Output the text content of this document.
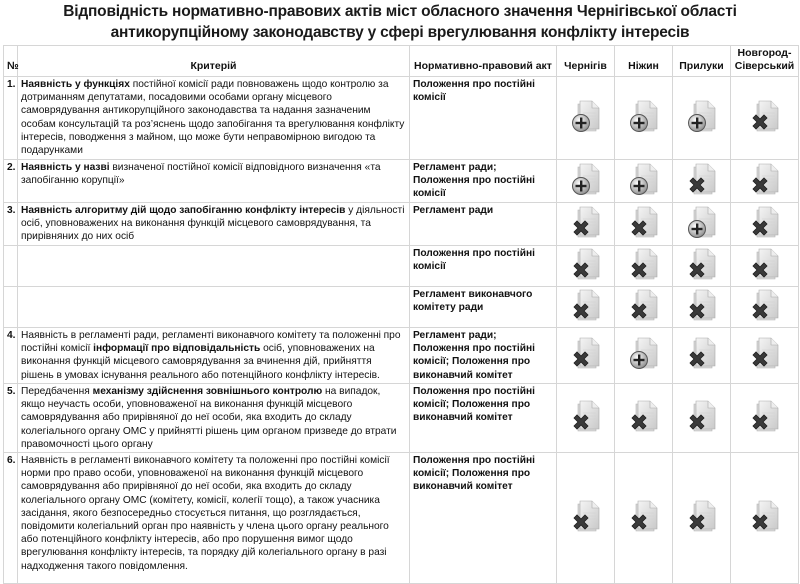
Відповідність нормативно-правових актів міст обласного значення Чернігівської області
антикорупційному законодавству у сфері врегулювання конфлікту інтересів
№	Критерій	Нормативно-правовий акт	Чернігів	Ніжин	Прилуки	Новгород-Сіверський
1.	Наявність у функціях постійної комісії ради повноважень щодо контролю за дотриманням депутатами, посадовими особами органу місцевого самоврядування антикорупційного законодавства та надання зазначеним особам консультацій та роз’яснень щодо запобігання та врегулювання конфлікту інтересів, поводження з майном, що може бути неправомірною вигодою та подарунками	Положення про постійні комісії	

2.	Наявність у назві визначеної постійної комісії відповідного визначення «та запобіганню корупції»	Регламент ради; Положення про постійні комісії	

3.	Наявність алгоритму дій щодо запобіганню конфлікту інтересів у діяльності осіб, уповноважених на виконання функцій місцевого самоврядування, та прирівняних до них осіб	Регламент ради	

		Положення про постійні комісії	

		Регламент виконавчого комітету ради	

4.	Наявність в регламенті ради, регламенті виконавчого комітету та положенні про постійні комісії інформації про відповідальність осіб, уповноважених на виконання функцій місцевого самоврядування за вчинення дій, прийняття рішень в умовах існування реального або потенційного конфлікту інтересів.	Регламент ради; Положення про постійні комісії; Положення про виконавчий комітет	

5.	Передбачення механізму здійснення зовнішнього контролю на випадок, якщо неучасть особи, уповноваженої на виконання функцій місцевого самоврядування або прирівняної до неї особи, яка входить до складу колегіального органу ОМС у прийнятті рішень цим органом призведе до втрати правомочності цього органу	Положення про постійні комісії; Положення про виконавчий комітет	

6.	Наявність в регламенті виконавчого комітету та положенні про постійні комісії норми про право особи, уповноваженої на виконання функцій місцевого самоврядування або прирівняної до неї особи, яка входить до складу колегіального органу ОМС (комітету, комісії, колегії тощо), а також учасника засідання, якого безпосередньо стосується питання, що розглядається, повідомити колегіальний орган про наявність у члена цього органу реального або потенційного конфлікту інтересів, або про порушення вимог щодо врегулювання конфлікту інтересів, та порядку дій колегіального органу в разі надходження такого повідомлення.	Положення про постійні комісії; Положення про виконавчий комітет	
